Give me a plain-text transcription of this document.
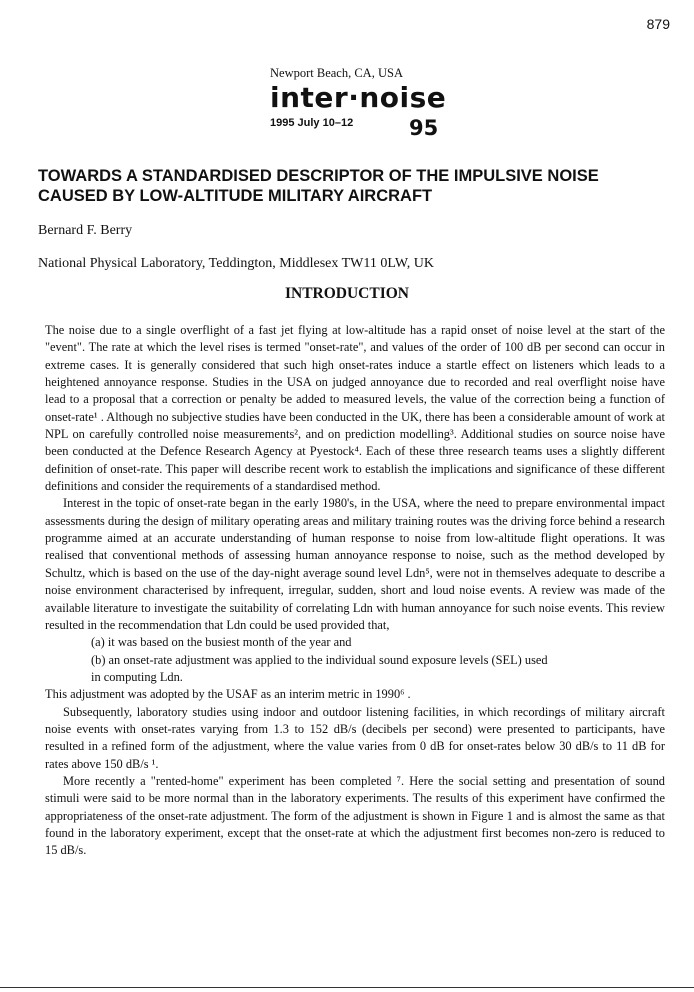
879
Newport Beach, CA, USA
inter·noise
1995 July 10–12	95
TOWARDS A STANDARDISED DESCRIPTOR OF THE IMPULSIVE NOISE CAUSED BY LOW-ALTITUDE MILITARY AIRCRAFT
Bernard F. Berry
National Physical Laboratory, Teddington, Middlesex TW11 0LW, UK
INTRODUCTION

The noise due to a single overflight of a fast jet flying at low-altitude has a rapid onset of noise level at the start of the "event". The rate at which the level rises is termed "onset-rate", and values of the order of 100 dB per second can occur in extreme cases. It is generally considered that such high onset-rates induce a startle effect on listeners which leads to a heightened annoyance response. Studies in the USA on judged annoyance due to recorded and real overflight noise have lead to a proposal that a correction or penalty be added to measured levels, the value of the correction being a function of onset-rate¹ . Although no subjective studies have been conducted in the UK, there has been a considerable amount of work at NPL on carefully controlled noise measurements², and on prediction modelling³. Additional studies on source noise have been conducted at the Defence Research Agency at Pyestock⁴. Each of these three research teams uses a slightly different definition of onset-rate. This paper will describe recent work to establish the implications and significance of these different definitions and consider the requirements of a standardised method.

Interest in the topic of onset-rate began in the early 1980's, in the USA, where the need to prepare environmental impact assessments during the design of military operating areas and military training routes was the driving force behind a research programme aimed at an accurate understanding of human response to noise from low-altitude flight operations. It was realised that conventional methods of assessing human annoyance response to noise, such as the method developed by Schultz, which is based on the use of the day-night average sound level Ldn⁵, were not in themselves adequate to describe a noise environment characterised by infrequent, irregular, sudden, short and loud noise events. A review was made of the available literature to investigate the suitability of correlating Ldn with human annoyance for such noise events. This review resulted in the recommendation that Ldn could be used provided that,

(a) it was based on the busiest month of the year and

(b) an onset-rate adjustment was applied to the individual sound exposure levels (SEL) used

in computing Ldn.

This adjustment was adopted by the USAF as an interim metric in 1990⁶ .

Subsequently, laboratory studies using indoor and outdoor listening facilities, in which recordings of military aircraft noise events with onset-rates varying from 1.3 to 152 dB/s (decibels per second) were presented to participants, have resulted in a refined form of the adjustment, where the value varies from 0 dB for onset-rates below 30 dB/s to 11 dB for rates above 150 dB/s ¹.

More recently a "rented-home" experiment has been completed ⁷. Here the social setting and presentation of sound stimuli were said to be more normal than in the laboratory experiments. The results of this experiment have confirmed the appropriateness of the onset-rate adjustment. The form of the adjustment is shown in Figure 1 and is almost the same as that found in the laboratory experiment, except that the onset-rate at which the adjustment first becomes non-zero is reduced to 15 dB/s.
